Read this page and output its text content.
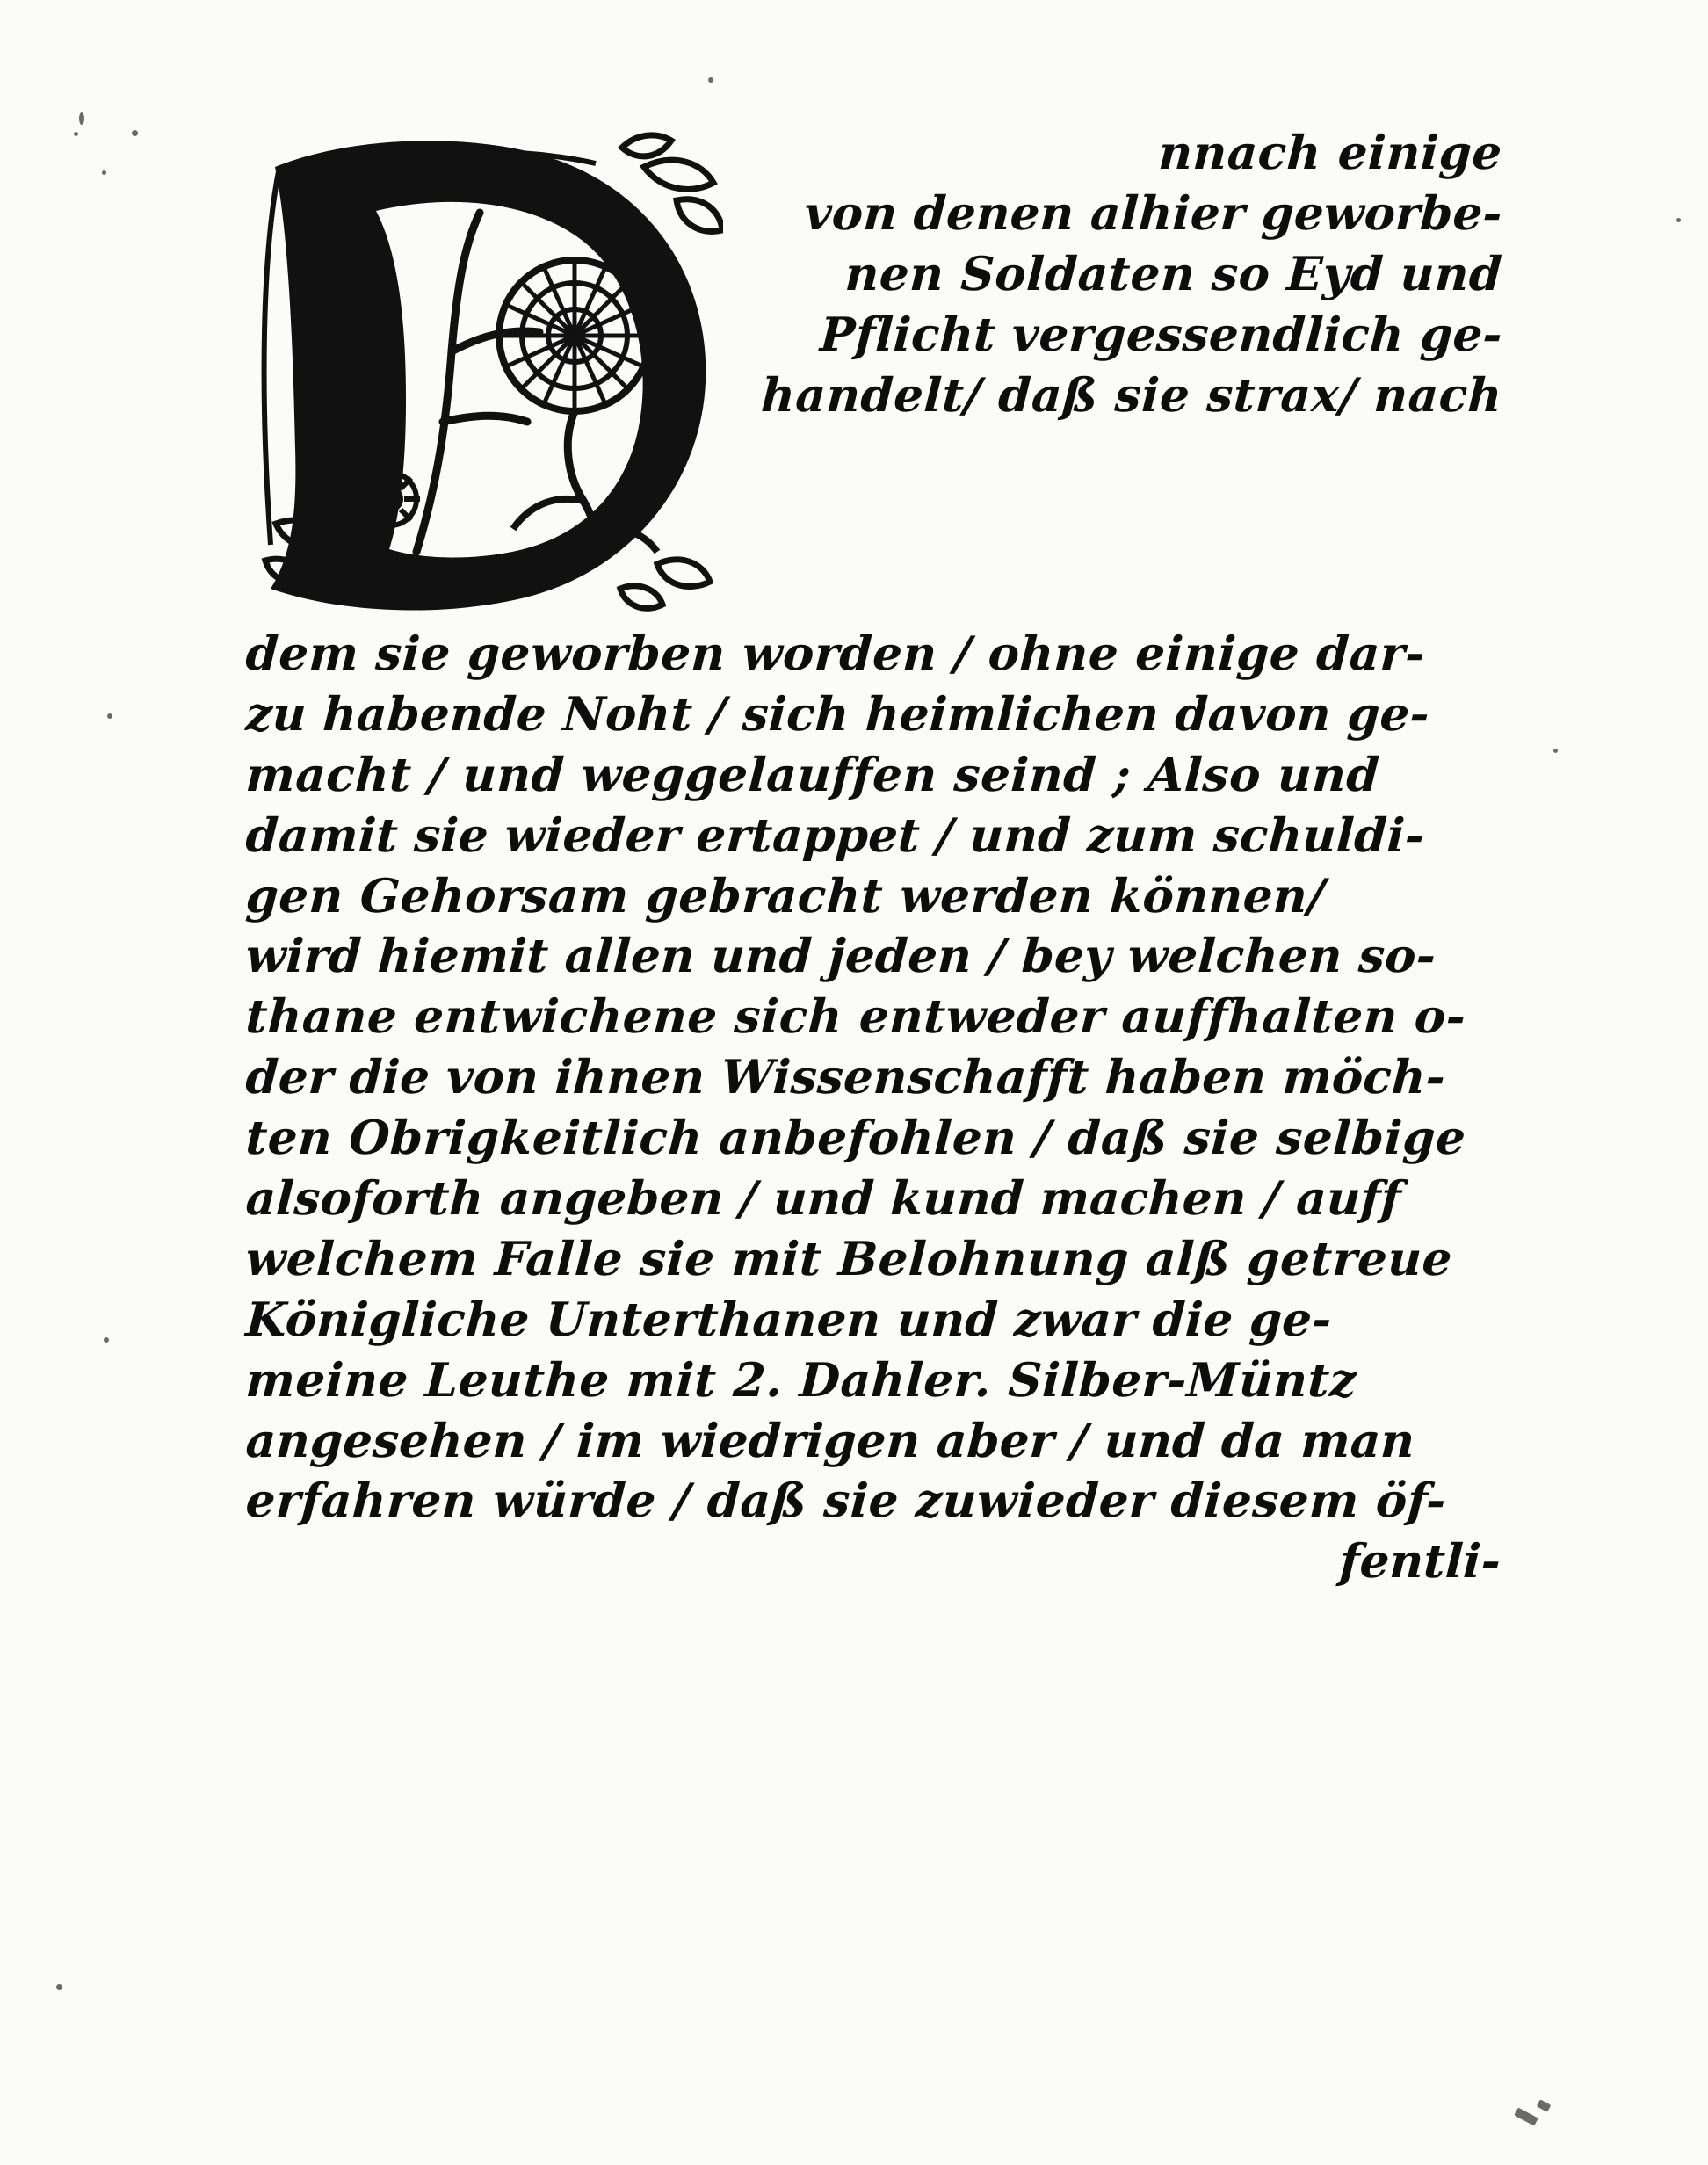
nnach einige
von denen alhier geworbe-
nen Soldaten so Eyd und
Pflicht vergessendlich ge-
handelt/ daß sie strax/ nach
dem sie geworben worden / ohne einige dar-
zu habende Noht / sich heimlichen davon ge-
macht / und weggelauffen seind ; Also und
damit sie wieder ertappet / und zum schuldi-
gen Gehorsam gebracht werden können/
wird hiemit allen und jeden / bey welchen so-
thane entwichene sich entweder auffhalten o-
der die von ihnen Wissenschafft haben möch-
ten Obrigkeitlich anbefohlen / daß sie selbige
alsoforth angeben / und kund machen / auff
welchem Falle sie mit Belohnung alß getreue
Königliche Unterthanen und zwar die ge-
meine Leuthe mit 2. Dahler. Silber-Müntz
angesehen / im wiedrigen aber / und da man
erfahren würde / daß sie zuwieder diesem öf-
fentli-
